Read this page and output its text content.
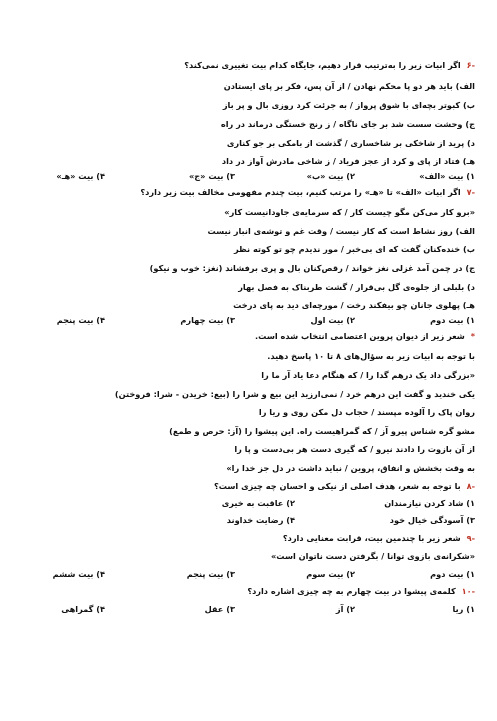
-۶ اگر ابیات زیر را به‌ترتیب قرار دهیم، جایگاه کدام بیت تغییری نمی‌کند؟
الف) باید هر دو پا محکم نهادن / از آن پس، فکر بر پای ایستادن
ب) کبوتر بچه‌ای با شوق پرواز / به جرئت کرد روزی بال و پر باز
ج) وحشت سست شد بر جای ناگاه / ز رنج خستگی درماند در راه
د) پرید از شاخکی بر شاخساری / گذشت از بامکی بر جو کناری
هـ) فتاد از پای و کرد از عجز فریاد / ز شاخی مادرش آواز در داد
۱) بیت «الف»
۲) بیت «ب»
۳) بیت «ج»
۴) بیت «هـ»
-۷ اگر ابیات «الف» تا «هـ» را مرتب کنیم، بیت چندم مفهومی مخالف بیت زیر دارد؟
«برو کار می‌کن مگو چیست کار / که سرمایه‌ی جاودانیست کار»
الف) روز نشاط است که کار نیست / وقت غم و توشه‌ی انبار نیست
ب) خنده‌کنان گفت که ای بی‌خبر / مور ندیدم چو تو کوته نظر
ج) در چمن آمد غزلی نغز خواند / رقص‌کنان بال و پری برفشاند (نغز: خوب و نیکو)
د) بلبلی از جلوه‌ی گل بی‌قرار / گشت طربناک به فصل بهار
هـ) پهلوی جانان چو بیفکند رخت / مورچه‌ای دید به پای درخت
۱) بیت دوم
۲) بیت اول
۳) بیت چهارم
۴) بیت پنجم
* شعر زیر از دیوان پروین اعتصامی انتخاب شده است.
با توجه به ابیات زیر به سؤال‌های ۸ تا ۱۰ پاسخ دهید.
«بزرگی داد یک درهم گدا را / که هنگام دعا یاد آر ما را
یکی خندید و گفت این درهم خرد / نمی‌ارزید این بیع و شرا را (بیع: خریدن - شرا: فروختن)
روان پاک را آلوده مپسند / حجاب دل مکن روی و ریا را
مشو گره شناس پیرو آز / که گمراهیست راه. این پیشوا را (آز: حرص و طمع)
از آن بازوت را دادند نیرو / که گیری دست هر بی‌دست و پا را
به وقت بخشش و انفاق، پروین / نباید داشت در دل جز خدا را»
-۸ با توجه به شعر، هدف اصلی از نیکی و احسان چه چیزی است؟
۱) شاد کردن نیازمندان
۲) عاقبت به خیری
۳) آسودگی خیال خود
۴) رضایت خداوند
-۹ شعر زیر با چندمین بیت، قرابت معنایی دارد؟
«شکرانه‌ی بازوی توانا / بگرفتن دست ناتوان است»
۱) بیت دوم
۲) بیت سوم
۳) بیت پنجم
۴) بیت ششم
-۱۰ کلمه‌ی پیشوا در بیت چهارم به چه چیزی اشاره دارد؟
۱) ریا
۲) آز
۳) عقل
۴) گمراهی
